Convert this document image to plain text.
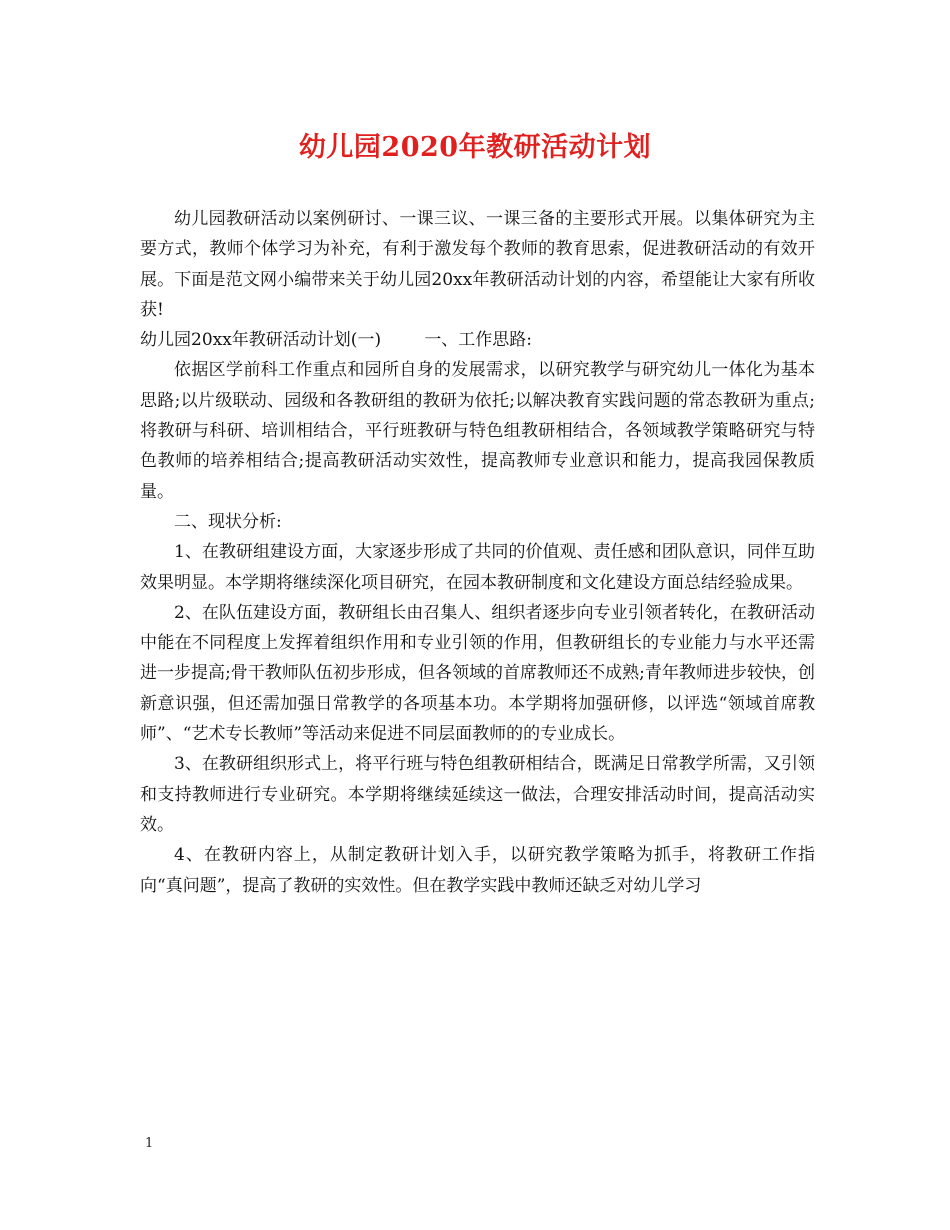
幼儿园2020年教研活动计划

幼儿园教研活动以案例研讨、一课三议、一课三备的主要形式开展。以集体研究为主要方式，教师个体学习为补充，有利于激发每个教师的教育思索，促进教研活动的有效开展。下面是范文网小编带来关于幼儿园20xx年教研活动计划的内容，希望能让大家有所收获!

幼儿园20xx年教研活动计划(一)	一、工作思路:

依据区学前科工作重点和园所自身的发展需求，以研究教学与研究幼儿一体化为基本思路;以片级联动、园级和各教研组的教研为依托;以解决教育实践问题的常态教研为重点;将教研与科研、培训相结合，平行班教研与特色组教研相结合，各领域教学策略研究与特色教师的培养相结合;提高教研活动实效性，提高教师专业意识和能力，提高我园保教质量。

二、现状分析:

1、在教研组建设方面，大家逐步形成了共同的价值观、责任感和团队意识，同伴互助效果明显。本学期将继续深化项目研究，在园本教研制度和文化建设方面总结经验成果。

2、在队伍建设方面，教研组长由召集人、组织者逐步向专业引领者转化，在教研活动中能在不同程度上发挥着组织作用和专业引领的作用，但教研组长的专业能力与水平还需进一步提高;骨干教师队伍初步形成，但各领域的首席教师还不成熟;青年教师进步较快，创新意识强，但还需加强日常教学的各项基本功。本学期将加强研修，以评选“领域首席教师”、“艺术专长教师”等活动来促进不同层面教师的的专业成长。

3、在教研组织形式上，将平行班与特色组教研相结合，既满足日常教学所需，又引领和支持教师进行专业研究。本学期将继续延续这一做法，合理安排活动时间，提高活动实效。

4、在教研内容上，从制定教研计划入手，以研究教学策略为抓手，将教研工作指向“真问题”，提高了教研的实效性。但在教学实践中教师还缺乏对幼儿学习

1
